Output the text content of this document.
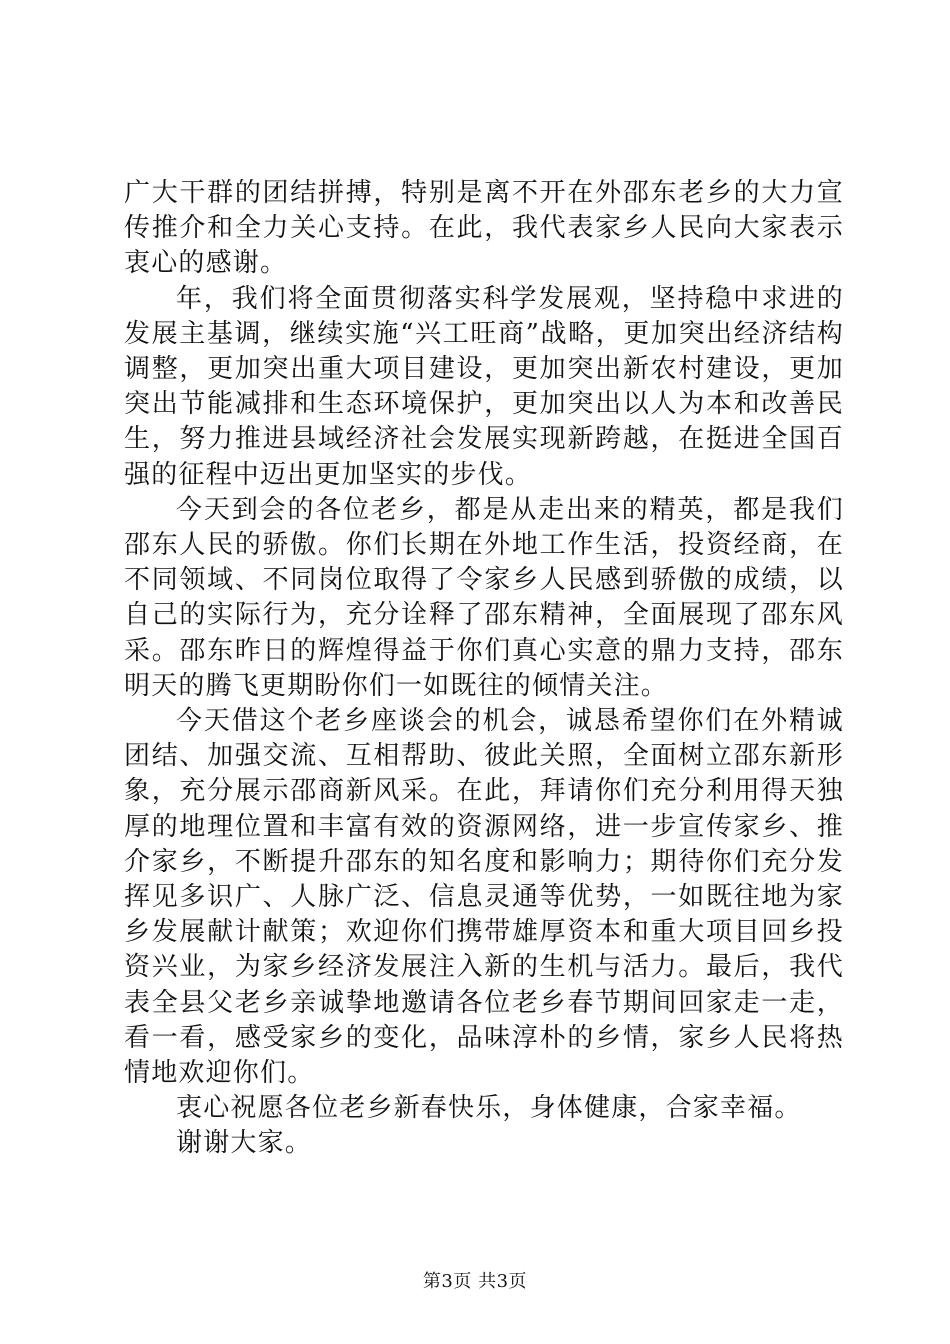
广大干群的团结拼搏，特别是离不开在外邵东老乡的大力宣传推介和全力关心支持。在此，我代表家乡人民向大家表示衷心的感谢。

年，我们将全面贯彻落实科学发展观，坚持稳中求进的发展主基调，继续实施“兴工旺商”战略，更加突出经济结构调整，更加突出重大项目建设，更加突出新农村建设，更加突出节能减排和生态环境保护，更加突出以人为本和改善民生，努力推进县域经济社会发展实现新跨越，在挺进全国百强的征程中迈出更加坚实的步伐。

今天到会的各位老乡，都是从走出来的精英，都是我们邵东人民的骄傲。你们长期在外地工作生活，投资经商，在不同领域、不同岗位取得了令家乡人民感到骄傲的成绩，以自己的实际行为，充分诠释了邵东精神，全面展现了邵东风采。邵东昨日的辉煌得益于你们真心实意的鼎力支持，邵东明天的腾飞更期盼你们一如既往的倾情关注。

今天借这个老乡座谈会的机会，诚恳希望你们在外精诚团结、加强交流、互相帮助、彼此关照，全面树立邵东新形象，充分展示邵商新风采。在此，拜请你们充分利用得天独厚的地理位置和丰富有效的资源网络，进一步宣传家乡、推介家乡，不断提升邵东的知名度和影响力；期待你们充分发挥见多识广、人脉广泛、信息灵通等优势，一如既往地为家乡发展献计献策；欢迎你们携带雄厚资本和重大项目回乡投资兴业，为家乡经济发展注入新的生机与活力。最后，我代表全县父老乡亲诚挚地邀请各位老乡春节期间回家走一走，看一看，感受家乡的变化，品味淳朴的乡情，家乡人民将热情地欢迎你们。

衷心祝愿各位老乡新春快乐，身体健康，合家幸福。

谢谢大家。

第3页 共3页
